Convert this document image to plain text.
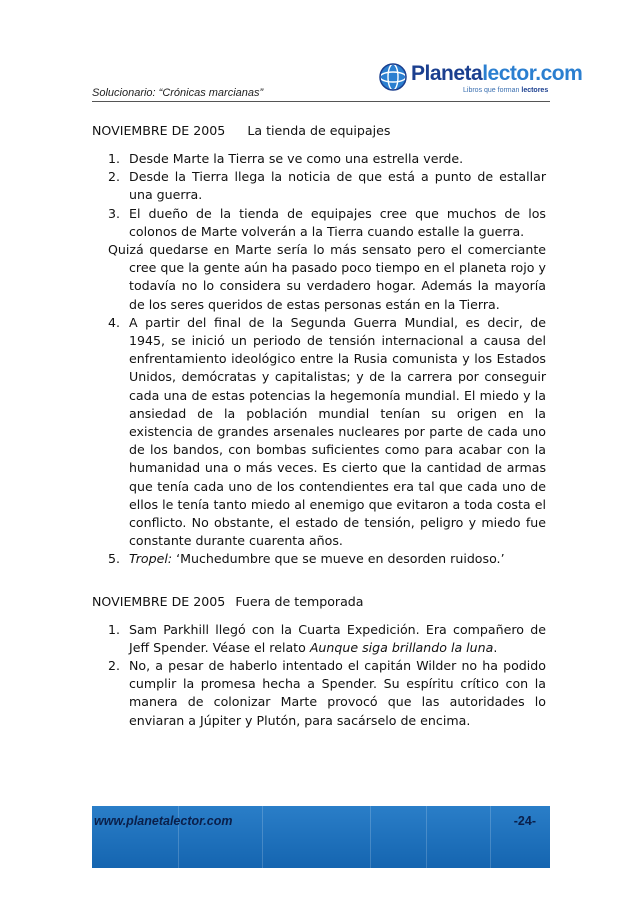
Solucionario: “Crónicas marcianas”
Planetalector.com
Libros que forman lectores
NOVIEMBRE DE 2005 La tienda de equipajes
1. Desde Marte la Tierra se ve como una estrella verde.
2. Desde la Tierra llega la noticia de que está a punto de estallar una guerra.
3. El dueño de la tienda de equipajes cree que muchos de los colonos de Marte volverán a la Tierra cuando estalle la guerra.
Quizá quedarse en Marte sería lo más sensato pero el comerciante cree que la gente aún ha pasado poco tiempo en el planeta rojo y todavía no lo considera su verdadero hogar. Además la mayoría de los seres queridos de estas personas están en la Tierra.
4. A partir del final de la Segunda Guerra Mundial, es decir, de 1945, se inició un periodo de tensión internacional a causa del enfrentamiento ideológico entre la Rusia comunista y los Estados Unidos, demócratas y capitalistas; y de la carrera por conseguir cada una de estas potencias la hegemonía mundial. El miedo y la ansiedad de la población mundial tenían su origen en la existencia de grandes arsenales nucleares por parte de cada uno de los bandos, con bombas suficientes como para acabar con la humanidad una o más veces. Es cierto que la cantidad de armas que tenía cada uno de los contendientes era tal que cada uno de ellos le tenía tanto miedo al enemigo que evitaron a toda costa el conflicto. No obstante, el estado de tensión, peligro y miedo fue constante durante cuarenta años.
5. Tropel: ‘Muchedumbre que se mueve en desorden ruidoso.’
NOVIEMBRE DE 2005 Fuera de temporada
1. Sam Parkhill llegó con la Cuarta Expedición. Era compañero de Jeff Spender. Véase el relato Aunque siga brillando la luna.
2. No, a pesar de haberlo intentado el capitán Wilder no ha podido cumplir la promesa hecha a Spender. Su espíritu crítico con la manera de colonizar Marte provocó que las autoridades lo enviaran a Júpiter y Plutón, para sacárselo de encima.
www.planetalector.com	-24-
